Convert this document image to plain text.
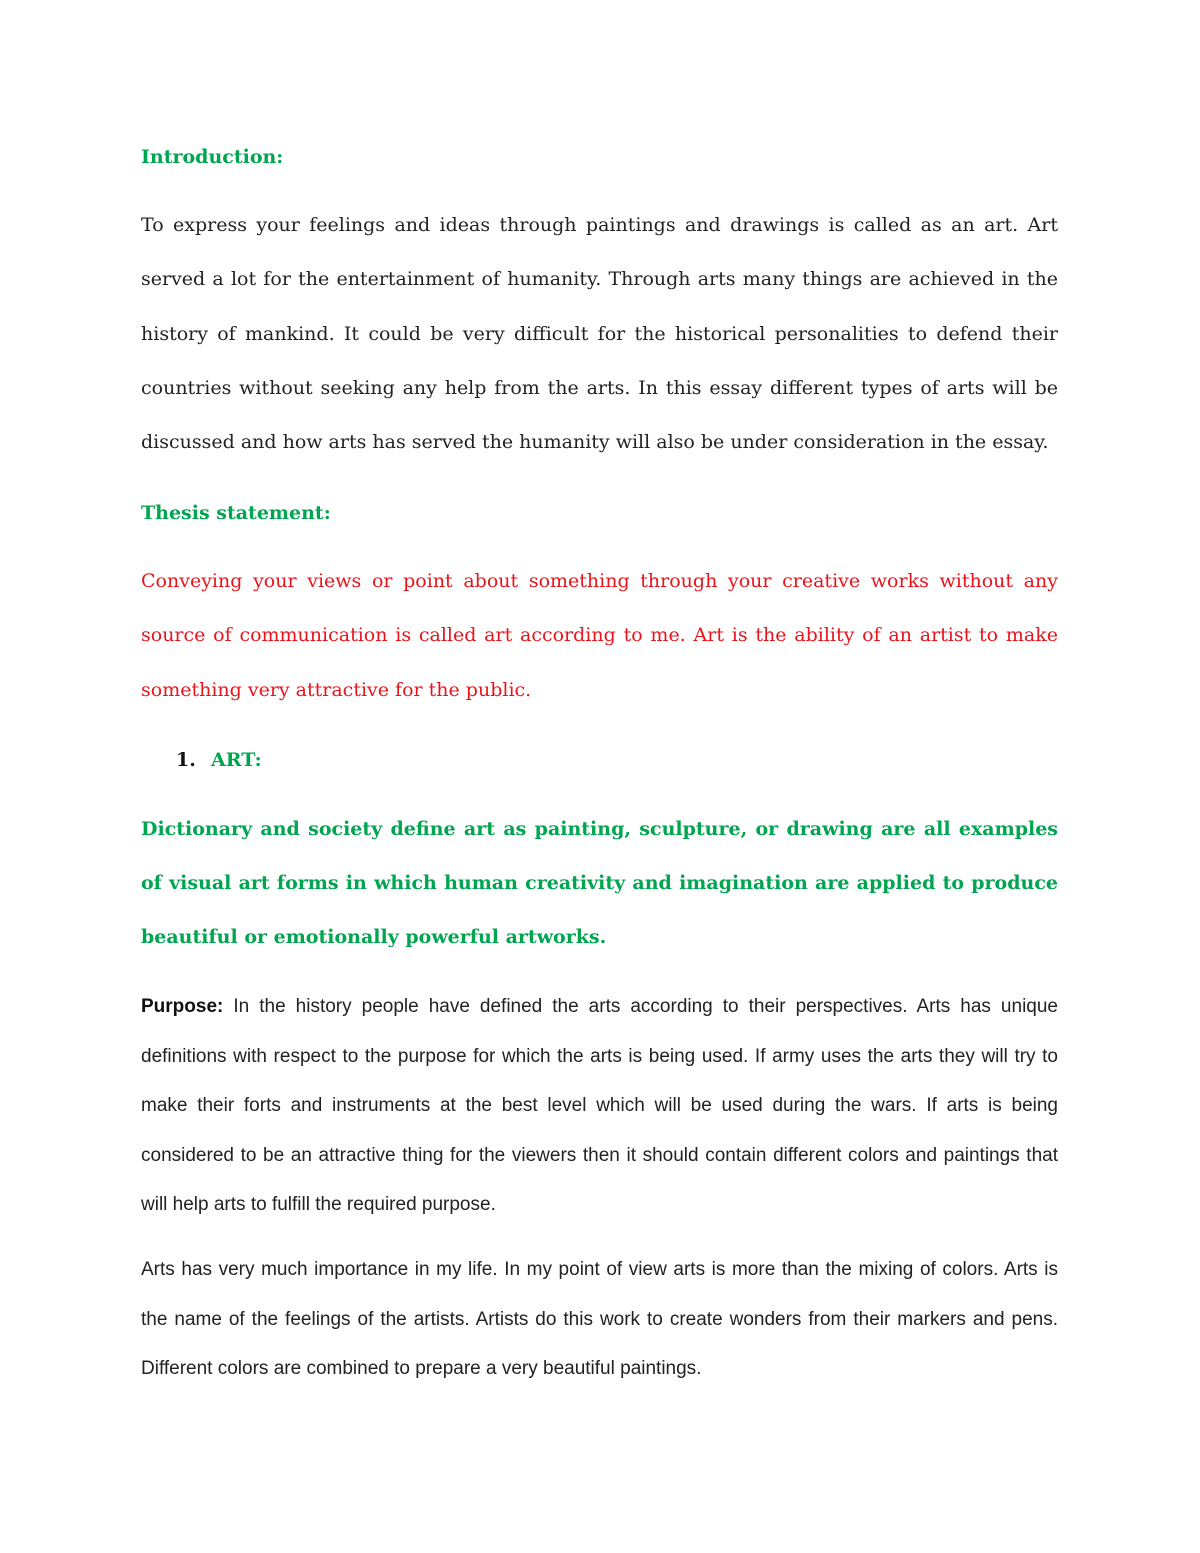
Introduction:

To express your feelings and ideas through paintings and drawings is called as an art. Art served a lot for the entertainment of humanity. Through arts many things are achieved in the history of mankind. It could be very difficult for the historical personalities to defend their countries without seeking any help from the arts. In this essay different types of arts will be discussed and how arts has served the humanity will also be under consideration in the essay.

Thesis statement:

Conveying your views or point about something through your creative works without any source of communication is called art according to me. Art is the ability of an artist to make something very attractive for the public.

1. ART:

Dictionary and society define art as painting, sculpture, or drawing are all examples of visual art forms in which human creativity and imagination are applied to produce beautiful or emotionally powerful artworks.

Purpose: In the history people have defined the arts according to their perspectives. Arts has unique definitions with respect to the purpose for which the arts is being used. If army uses the arts they will try to make their forts and instruments at the best level which will be used during the wars. If arts is being considered to be an attractive thing for the viewers then it should contain different colors and paintings that will help arts to fulfill the required purpose.

Arts has very much importance in my life. In my point of view arts is more than the mixing of colors. Arts is the name of the feelings of the artists. Artists do this work to create wonders from their markers and pens. Different colors are combined to prepare a very beautiful paintings.
